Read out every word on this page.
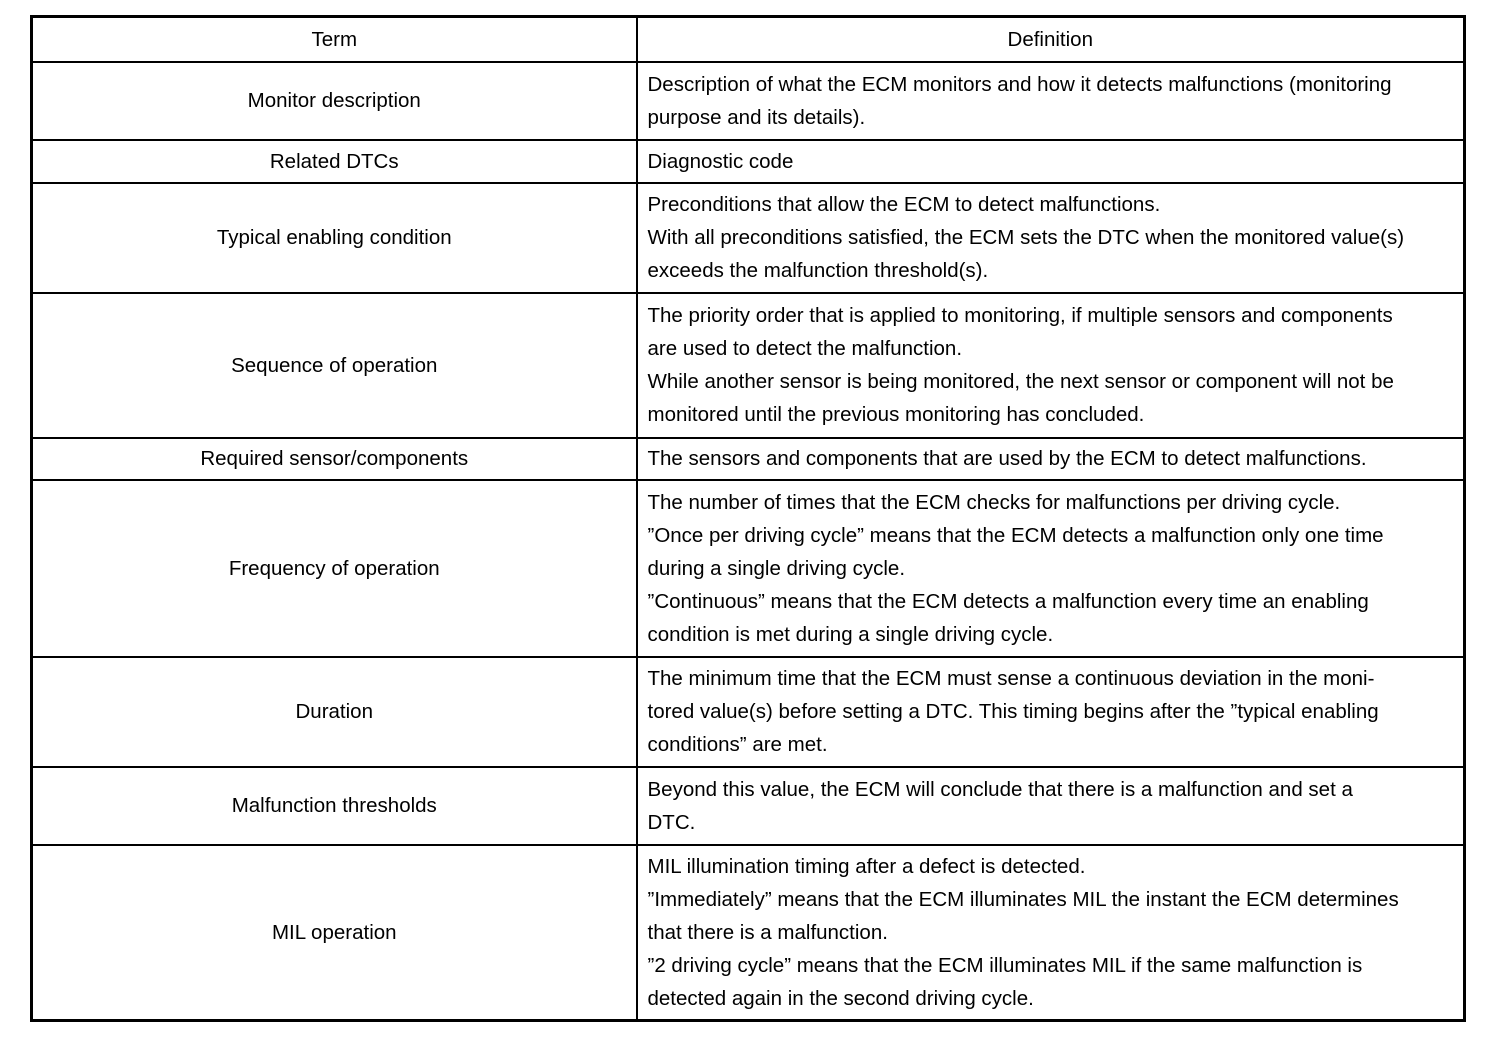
Term	Definition
Monitor description	Description of what the ECM monitors and how it detects malfunctions (monitoring
purpose and its details).

Related DTCs	Diagnostic code

Typical enabling condition	Preconditions that allow the ECM to detect malfunctions.
With all preconditions satisfied, the ECM sets the DTC when the monitored value(s)
exceeds the malfunction threshold(s).

Sequence of operation	The priority order that is applied to monitoring, if multiple sensors and components
are used to detect the malfunction.
While another sensor is being monitored, the next sensor or component will not be
monitored until the previous monitoring has concluded.

Required sensor/components	The sensors and components that are used by the ECM to detect malfunctions.

Frequency of operation	The number of times that the ECM checks for malfunctions per driving cycle.
”Once per driving cycle” means that the ECM detects a malfunction only one time
during a single driving cycle.
”Continuous” means that the ECM detects a malfunction every time an enabling
condition is met during a single driving cycle.

Duration	The minimum time that the ECM must sense a continuous deviation in the moni-
tored value(s) before setting a DTC. This timing begins after the ”typical enabling
conditions” are met.

Malfunction thresholds	Beyond this value, the ECM will conclude that there is a malfunction and set a
DTC.

MIL operation	MIL illumination timing after a defect is detected.
”Immediately” means that the ECM illuminates MIL the instant the ECM determines
that there is a malfunction.
”2 driving cycle” means that the ECM illuminates MIL if the same malfunction is
detected again in the second driving cycle.
